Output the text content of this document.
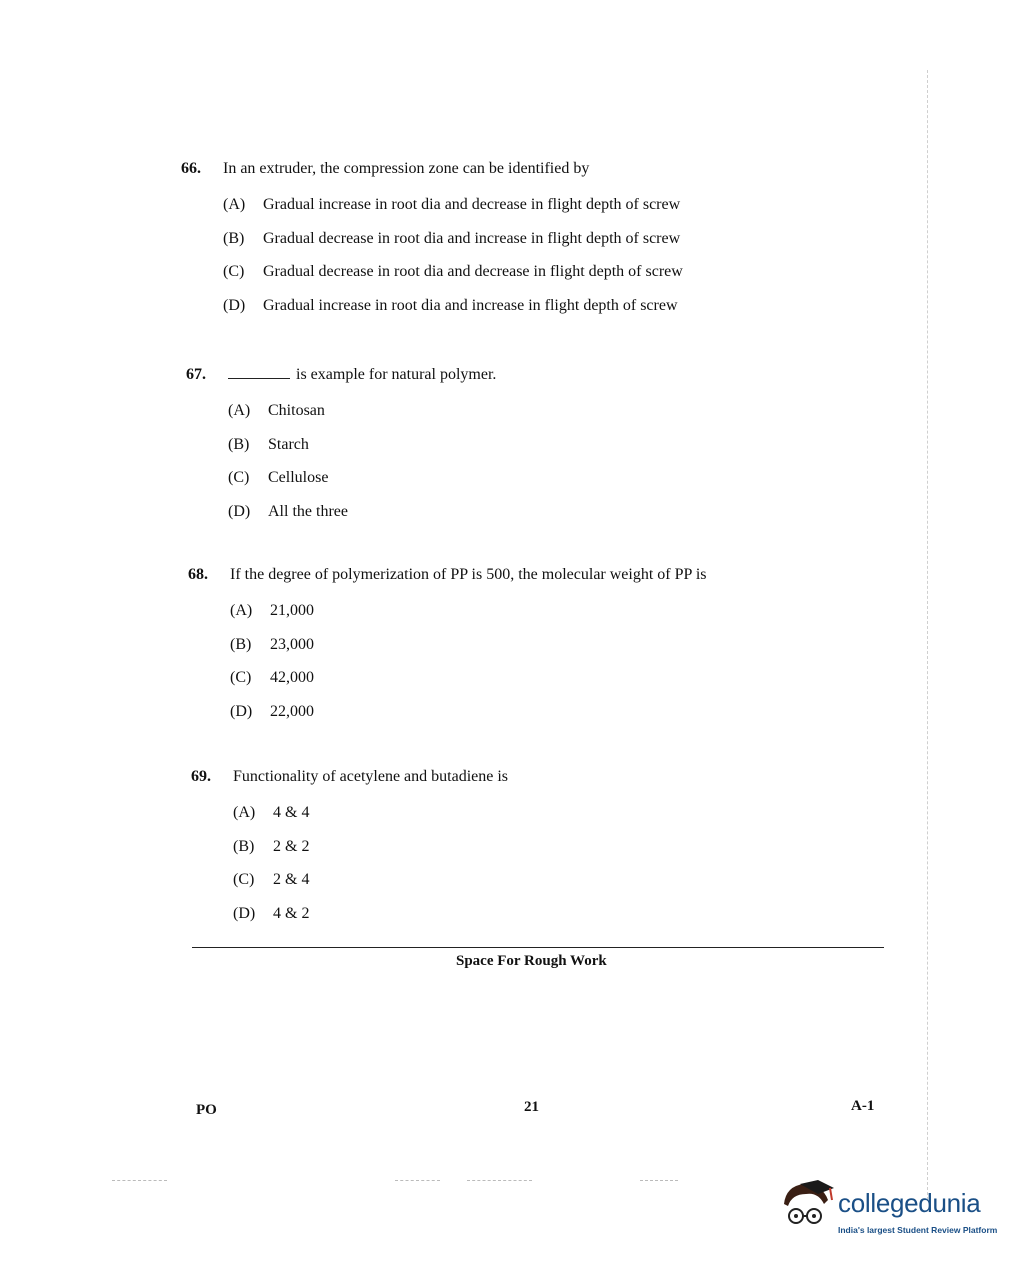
66.	In an extruder, the compression zone can be identified by
(A)	Gradual increase in root dia and decrease in flight depth of screw
(B)	Gradual decrease in root dia and increase in flight depth of screw
(C)	Gradual decrease in root dia and decrease in flight depth of screw
(D)	Gradual increase in root dia and increase in flight depth of screw
67.	is example for natural polymer.
(A)	Chitosan
(B)	Starch
(C)	Cellulose
(D)	All the three
68.	If the degree of polymerization of PP is 500, the molecular weight of PP is
(A)	21,000
(B)	23,000
(C)	42,000
(D)	22,000
69.	Functionality of acetylene and butadiene is
(A)	4 & 4
(B)	2 & 2
(C)	2 & 4
(D)	4 & 2
Space For Rough Work
PO	21	A-1
collegedunia
India's largest Student Review Platform
